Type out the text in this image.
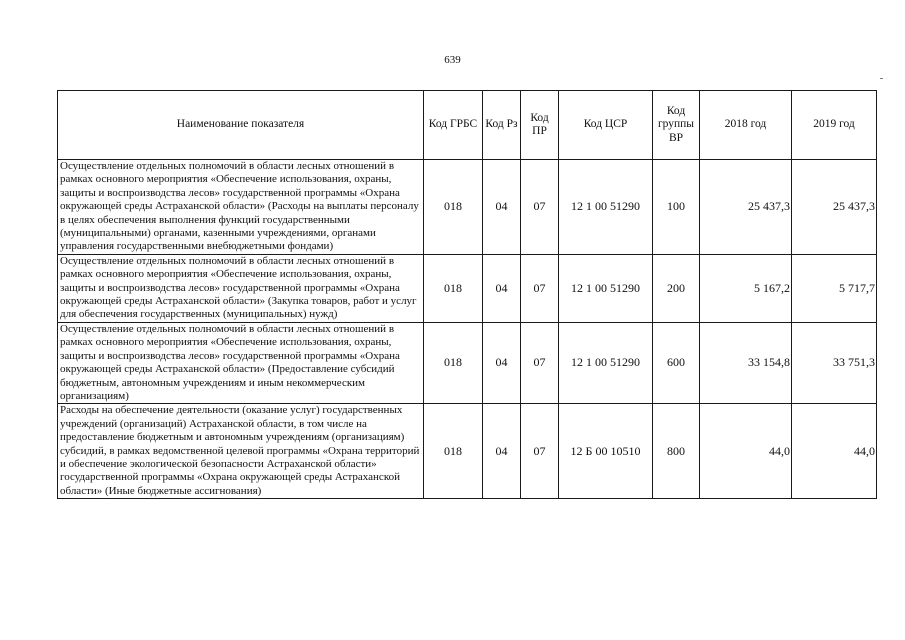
639
Наименование показателя	Код ГРБС	Код Рз	Код ПР	Код ЦСР	Код группы ВР	2018 год	2019 год
Осуществление отдельных полномочий в области лесных отношений в рамках основного мероприятия «Обеспечение использования, охраны, защиты и воспроизводства лесов» государственной программы «Охрана окружающей среды Астраханской области» (Расходы на выплаты персоналу в целях обеспечения выполнения функций государственными (муниципальными) органами, казенными учреждениями, органами управления государственными внебюджетными фондами)	018	04	07	12 1 00 51290	100	25 437,3	25 437,3
Осуществление отдельных полномочий в области лесных отношений в рамках основного мероприятия «Обеспечение использования, охраны, защиты и воспроизводства лесов» государственной программы «Охрана окружающей среды Астраханской области» (Закупка товаров, работ и услуг для обеспечения государственных (муниципальных) нужд)	018	04	07	12 1 00 51290	200	5 167,2	5 717,7
Осуществление отдельных полномочий в области лесных отношений в рамках основного мероприятия «Обеспечение использования, охраны, защиты и воспроизводства лесов» государственной программы «Охрана окружающей среды Астраханской области» (Предоставление субсидий бюджетным, автономным учреждениям и иным некоммерческим организациям)	018	04	07	12 1 00 51290	600	33 154,8	33 751,3
Расходы на обеспечение деятельности (оказание услуг) государственных учреждений (организаций) Астраханской области, в том числе на предоставление бюджетным и автономным учреждениям (организациям) субсидий, в рамках ведомственной целевой программы «Охрана территорий и обеспечение экологической безопасности Астраханской области» государственной программы «Охрана окружающей среды Астраханской области» (Иные бюджетные ассигнования)	018	04	07	12 Б 00 10510	800	44,0	44,0
